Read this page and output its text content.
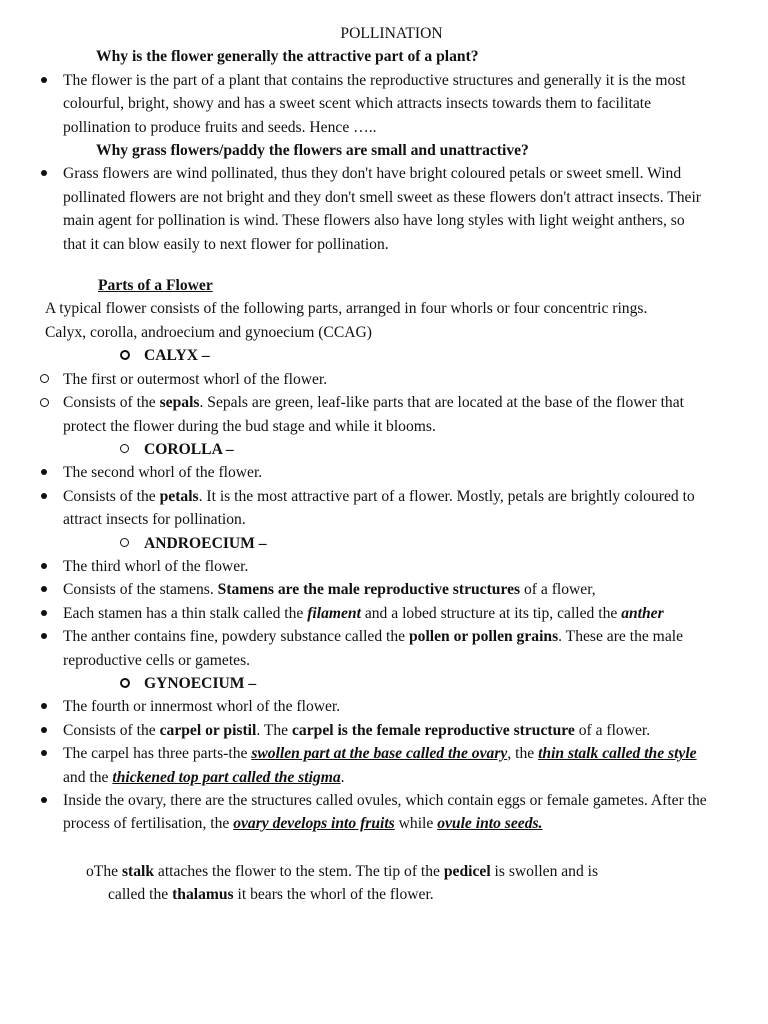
POLLINATION
Why is the flower generally the attractive part of a plant?
The flower is the part of a plant that contains the reproductive structures and generally it is the most colourful, bright, showy and has a sweet scent which attracts insects towards them to facilitate pollination to produce fruits and seeds. Hence …..
Why grass flowers/paddy the flowers are small and unattractive?
Grass flowers are wind pollinated, thus they don't have bright coloured petals or sweet smell. Wind pollinated flowers are not bright and they don't smell sweet as these flowers don't attract insects. Their main agent for pollination is wind. These flowers also have long styles with light weight anthers, so that it can blow easily to next flower for pollination.
Parts of a Flower
A typical flower consists of the following parts, arranged in four whorls or four concentric rings.
Calyx, corolla, androecium and gynoecium (CCAG)
CALYX –
The first or outermost whorl of the flower.
Consists of the sepals. Sepals are green, leaf-like parts that are located at the base of the flower that protect the flower during the bud stage and while it blooms.
COROLLA –
The second whorl of the flower.
Consists of the petals. It is the most attractive part of a flower. Mostly, petals are brightly coloured to attract insects for pollination.
ANDROECIUM –
The third whorl of the flower.
Consists of the stamens. Stamens are the male reproductive structures of a flower,
Each stamen has a thin stalk called the filament and a lobed structure at its tip, called the anther
The anther contains fine, powdery substance called the pollen or pollen grains. These are the male reproductive cells or gametes.
GYNOECIUM –
The fourth or innermost whorl of the flower.
Consists of the carpel or pistil. The carpel is the female reproductive structure of a flower.
The carpel has three parts-the swollen part at the base called the ovary, the thin stalk called the style and the thickened top part called the stigma.
Inside the ovary, there are the structures called ovules, which contain eggs or female gametes. After the process of fertilisation, the ovary develops into fruits while ovule into seeds.
oThe stalk attaches the flower to the stem. The tip of the pedicel is swollen and is
called the thalamus it bears the whorl of the flower.
